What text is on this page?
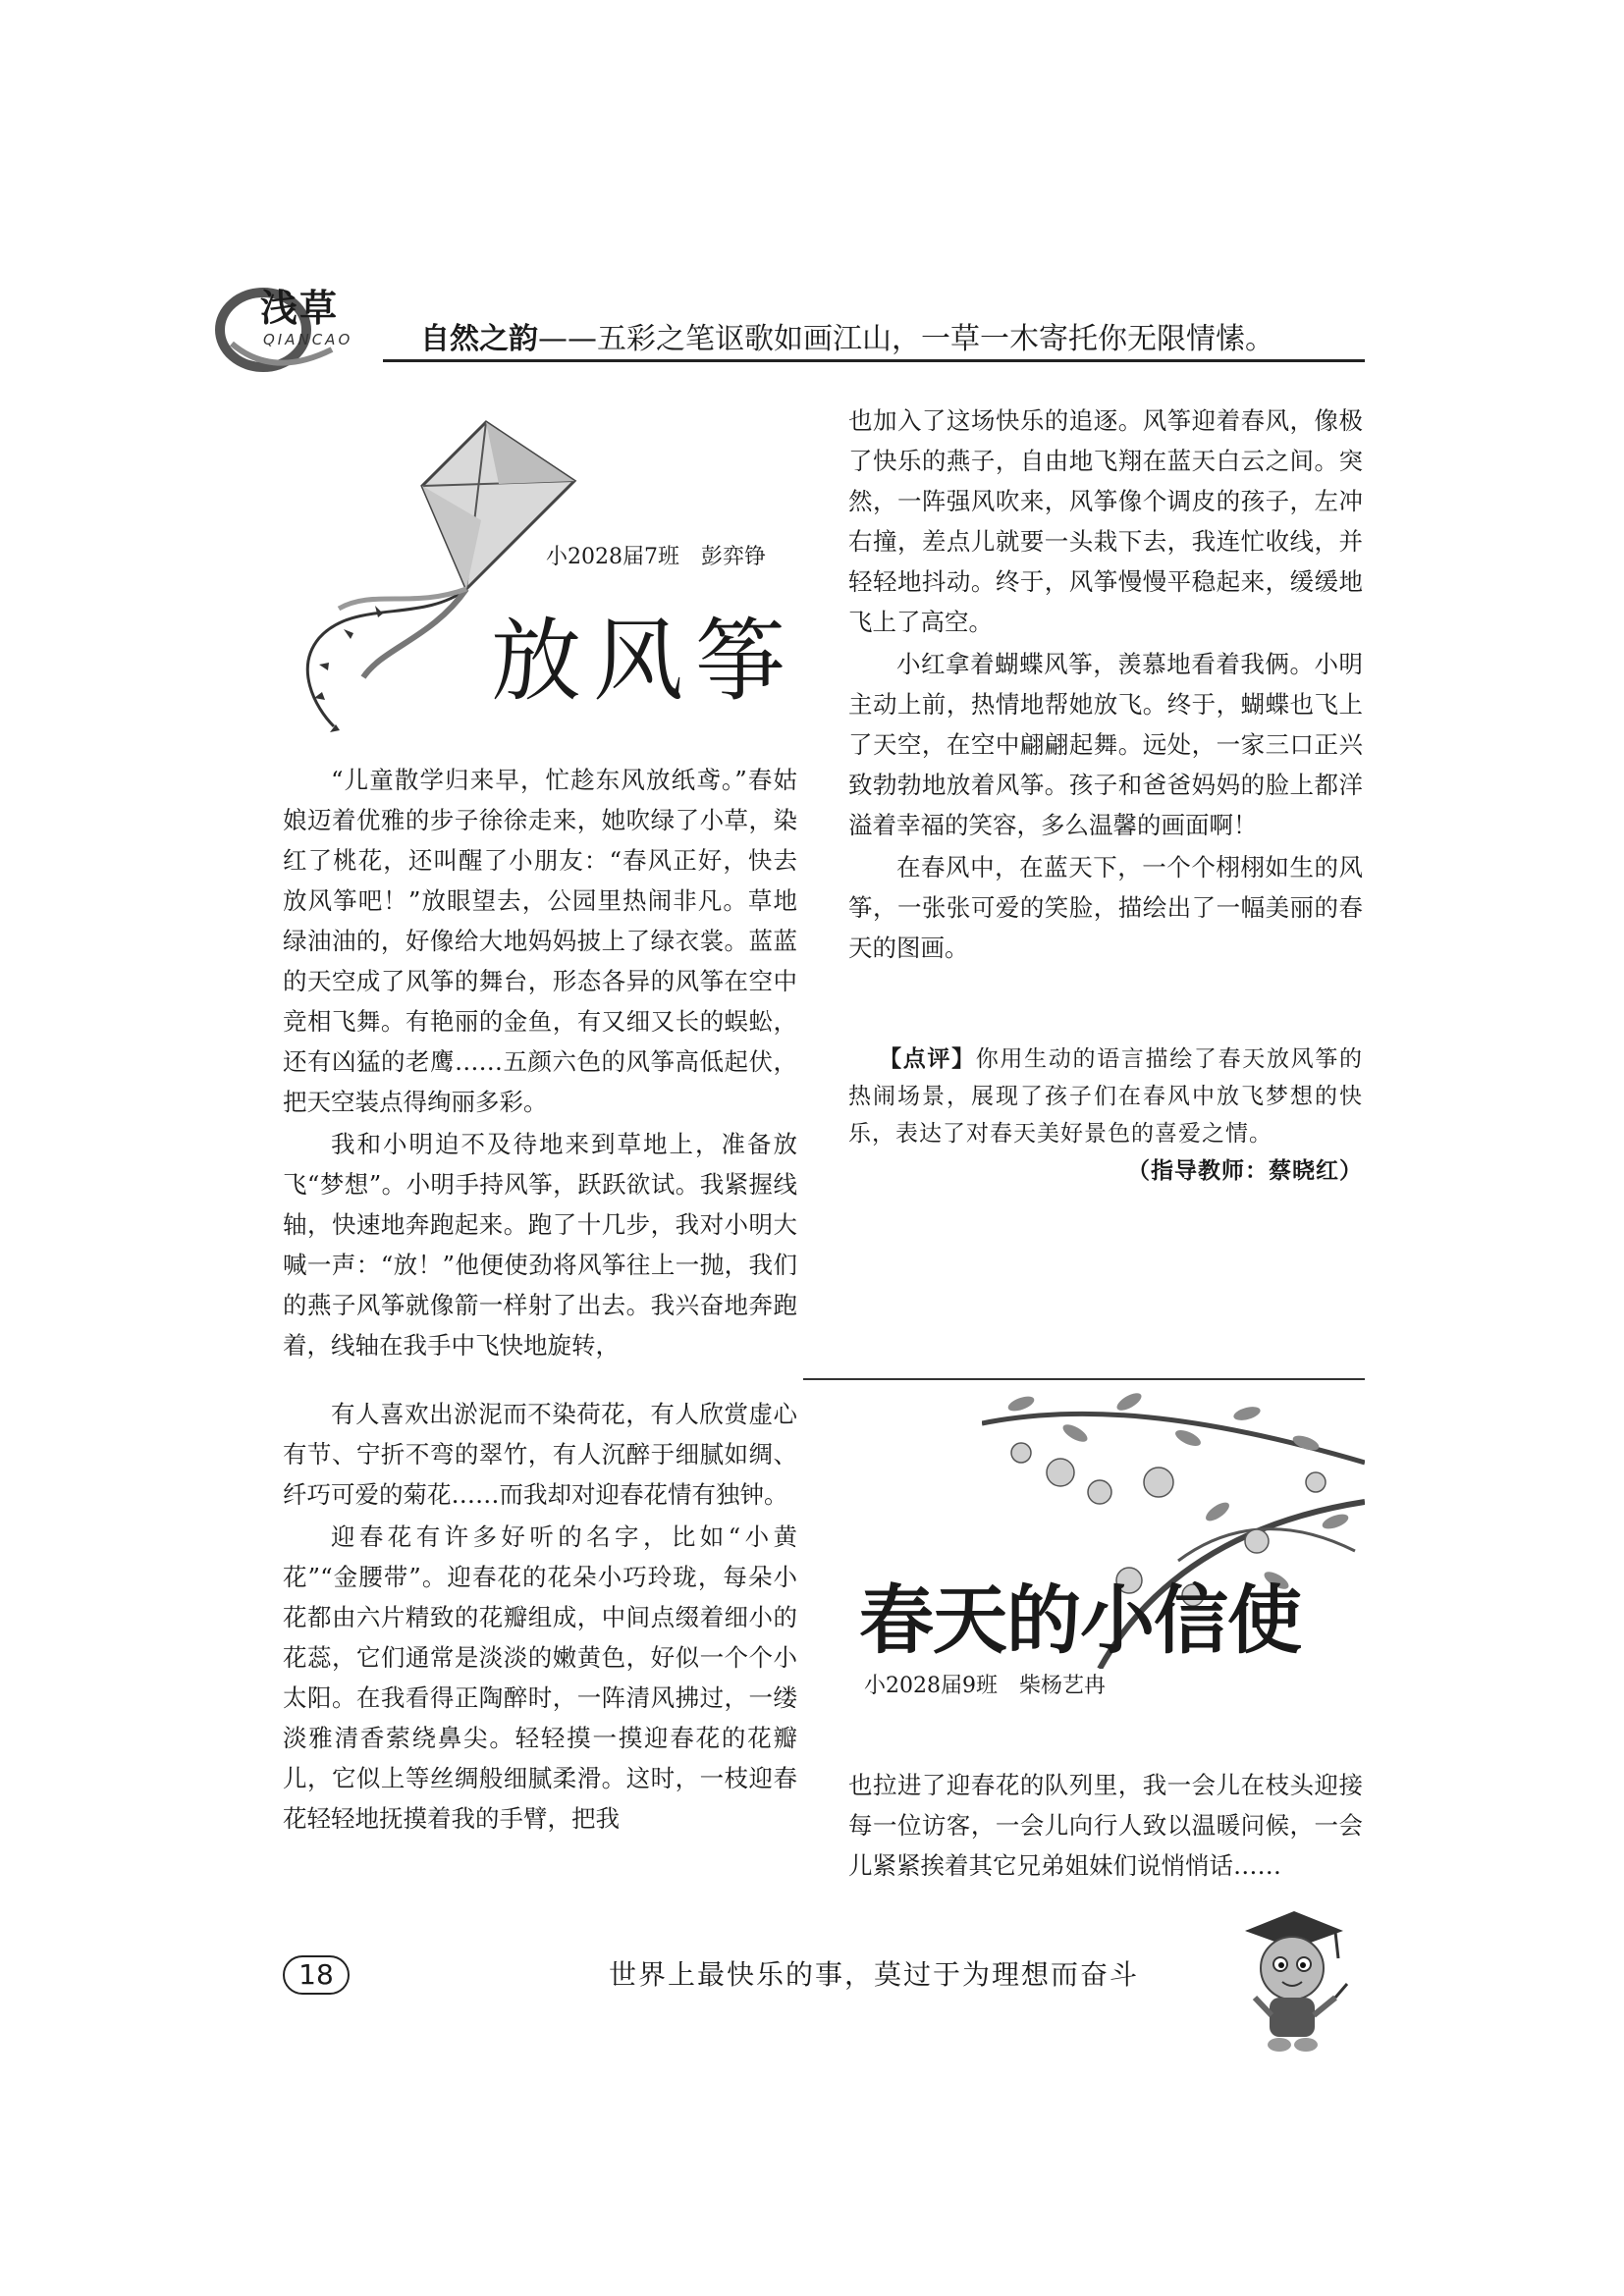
浅草
QIANCAO 自然之韵——五彩之笔讴歌如画江山，一草一木寄托你无限情愫。
小2028届7班　彭弈铮
放风筝

“儿童散学归来早，忙趁东风放纸鸢。”春姑娘迈着优雅的步子徐徐走来，她吹绿了小草，染红了桃花，还叫醒了小朋友：“春风正好，快去放风筝吧！”放眼望去，公园里热闹非凡。草地绿油油的，好像给大地妈妈披上了绿衣裳。蓝蓝的天空成了风筝的舞台，形态各异的风筝在空中竞相飞舞。有艳丽的金鱼，有又细又长的蜈蚣，还有凶猛的老鹰……五颜六色的风筝高低起伏，把天空装点得绚丽多彩。

我和小明迫不及待地来到草地上，准备放飞“梦想”。小明手持风筝，跃跃欲试。我紧握线轴，快速地奔跑起来。跑了十几步，我对小明大喊一声：“放！”他便使劲将风筝往上一抛，我们的燕子风筝就像箭一样射了出去。我兴奋地奔跑着，线轴在我手中飞快地旋转，

也加入了这场快乐的追逐。风筝迎着春风，像极了快乐的燕子，自由地飞翔在蓝天白云之间。突然，一阵强风吹来，风筝像个调皮的孩子，左冲右撞，差点儿就要一头栽下去，我连忙收线，并轻轻地抖动。终于，风筝慢慢平稳起来，缓缓地飞上了高空。

小红拿着蝴蝶风筝，羡慕地看着我俩。小明主动上前，热情地帮她放飞。终于，蝴蝶也飞上了天空，在空中翩翩起舞。远处，一家三口正兴致勃勃地放着风筝。孩子和爸爸妈妈的脸上都洋溢着幸福的笑容，多么温馨的画面啊！

在春风中，在蓝天下，一个个栩栩如生的风筝，一张张可爱的笑脸，描绘出了一幅美丽的春天的图画。

【点评】你用生动的语言描绘了春天放风筝的热闹场景，展现了孩子们在春风中放飞梦想的快乐，表达了对春天美好景色的喜爱之情。
（指导教师：蔡晓红）

有人喜欢出淤泥而不染荷花，有人欣赏虚心有节、宁折不弯的翠竹，有人沉醉于细腻如绸、纤巧可爱的菊花……而我却对迎春花情有独钟。

迎春花有许多好听的名字，比如“小黄花”“金腰带”。迎春花的花朵小巧玲珑，每朵小花都由六片精致的花瓣组成，中间点缀着细小的花蕊，它们通常是淡淡的嫩黄色，好似一个个小太阳。在我看得正陶醉时，一阵清风拂过，一缕淡雅清香萦绕鼻尖。轻轻摸一摸迎春花的花瓣儿，它似上等丝绸般细腻柔滑。这时，一枝迎春花轻轻地抚摸着我的手臂，把我

春天的小信使
小2028届9班　柴杨艺冉

也拉进了迎春花的队列里，我一会儿在枝头迎接每一位访客，一会儿向行人致以温暖问候，一会儿紧紧挨着其它兄弟姐妹们说悄悄话……

18	世界上最快乐的事，莫过于为理想而奋斗
